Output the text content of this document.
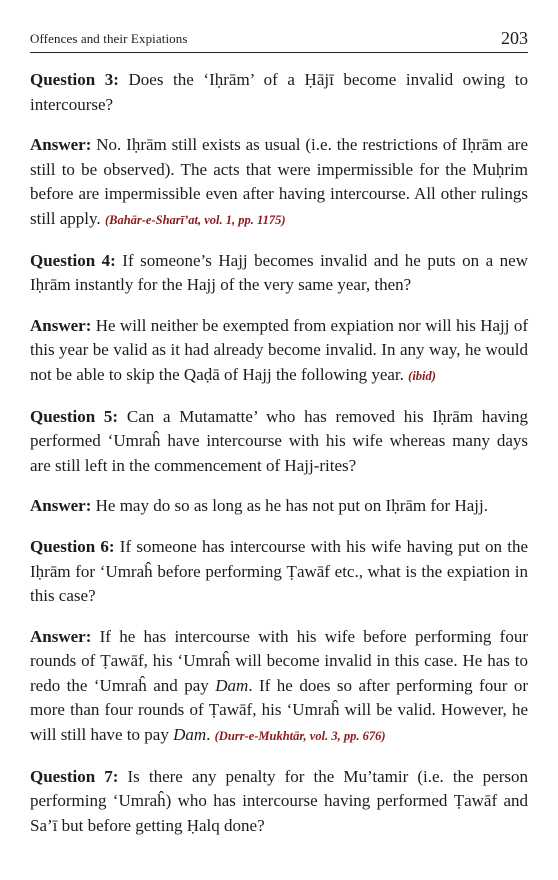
Offences and their Expiations	203

Question 3: Does the ‘Iḥrām’ of a Ḥājī become invalid owing to intercourse?

Answer: No. Iḥrām still exists as usual (i.e. the restrictions of Iḥrām are still to be observed). The acts that were impermissible for the Muḥrim before are impermissible even after having intercourse. All other rulings still apply. (Bahār-e-Sharī’at, vol. 1, pp. 1175)

Question 4: If someone’s Hajj becomes invalid and he puts on a new Iḥrām instantly for the Hajj of the very same year, then?

Answer: He will neither be exempted from expiation nor will his Hajj of this year be valid as it had already become invalid. In any way, he would not be able to skip the Qaḍā of Hajj the following year. (ibid)

Question 5: Can a Mutamatte’ who has removed his Iḥrām having performed ‘Umraĥ have intercourse with his wife whereas many days are still left in the commencement of Hajj-rites?

Answer: He may do so as long as he has not put on Iḥrām for Hajj.

Question 6: If someone has intercourse with his wife having put on the Iḥrām for ‘Umraĥ before performing Ṭawāf etc., what is the expiation in this case?

Answer: If he has intercourse with his wife before performing four rounds of Ṭawāf, his ‘Umraĥ will become invalid in this case. He has to redo the ‘Umraĥ and pay Dam. If he does so after performing four or more than four rounds of Ṭawāf, his ‘Umraĥ will be valid. However, he will still have to pay Dam. (Durr-e-Mukhtār, vol. 3, pp. 676)

Question 7: Is there any penalty for the Mu’tamir (i.e. the person performing ‘Umraĥ) who has intercourse having performed Ṭawāf and Sa’ī but before getting Ḥalq done?
